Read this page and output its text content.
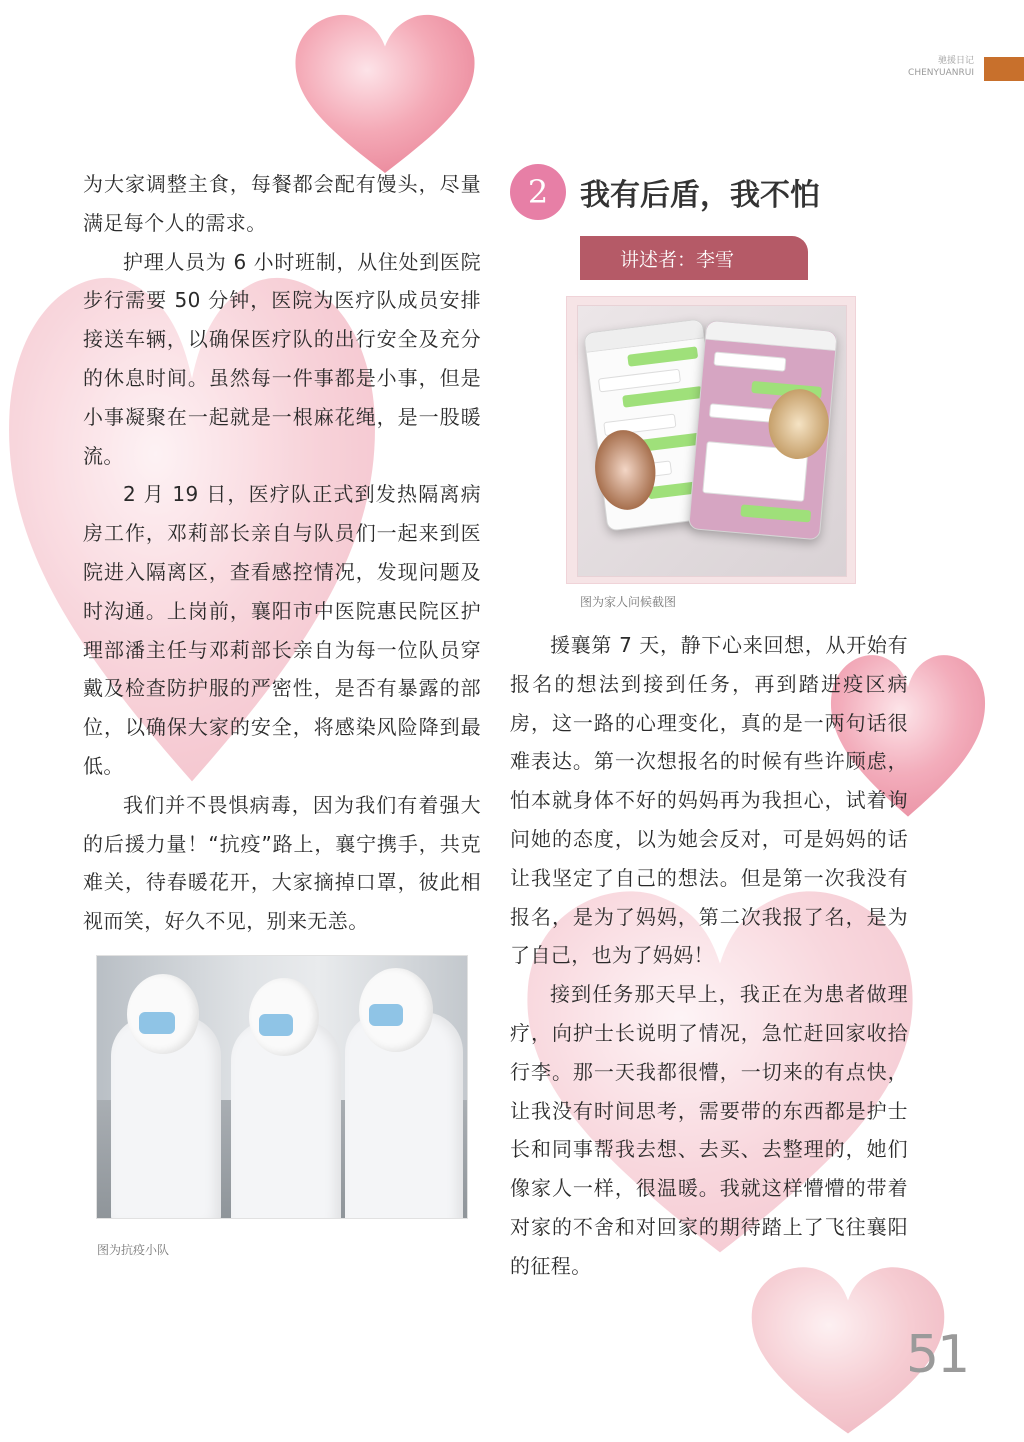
驰援日记
CHENYUANRUI

为大家调整主食，每餐都会配有馒头，尽量满足每个人的需求。

护理人员为 6 小时班制，从住处到医院步行需要 50 分钟，医院为医疗队成员安排接送车辆，以确保医疗队的出行安全及充分的休息时间。虽然每一件事都是小事，但是小事凝聚在一起就是一根麻花绳，是一股暖流。

2 月 19 日，医疗队正式到发热隔离病房工作，邓莉部长亲自与队员们一起来到医院进入隔离区，查看感控情况，发现问题及时沟通。上岗前，襄阳市中医院惠民院区护理部潘主任与邓莉部长亲自为每一位队员穿戴及检查防护服的严密性，是否有暴露的部位，以确保大家的安全，将感染风险降到最低。

我们并不畏惧病毒，因为我们有着强大的后援力量！“抗疫”路上，襄宁携手，共克难关，待春暖花开，大家摘掉口罩，彼此相视而笑，好久不见，别来无恙。

图为抗疫小队
2	我有后盾，我不怕
讲述者：李雪
图为家人问候截图

援襄第 7 天，静下心来回想，从开始有报名的想法到接到任务，再到踏进疫区病房，这一路的心理变化，真的是一两句话很难表达。第一次想报名的时候有些许顾虑，怕本就身体不好的妈妈再为我担心，试着询问她的态度，以为她会反对，可是妈妈的话让我坚定了自己的想法。但是第一次我没有报名，是为了妈妈，第二次我报了名，是为了自己，也为了妈妈！

接到任务那天早上，我正在为患者做理疗，向护士长说明了情况，急忙赶回家收拾行李。那一天我都很懵，一切来的有点快，让我没有时间思考，需要带的东西都是护士长和同事帮我去想、去买、去整理的，她们像家人一样，很温暖。我就这样懵懵的带着对家的不舍和对回家的期待踏上了飞往襄阳的征程。

51
